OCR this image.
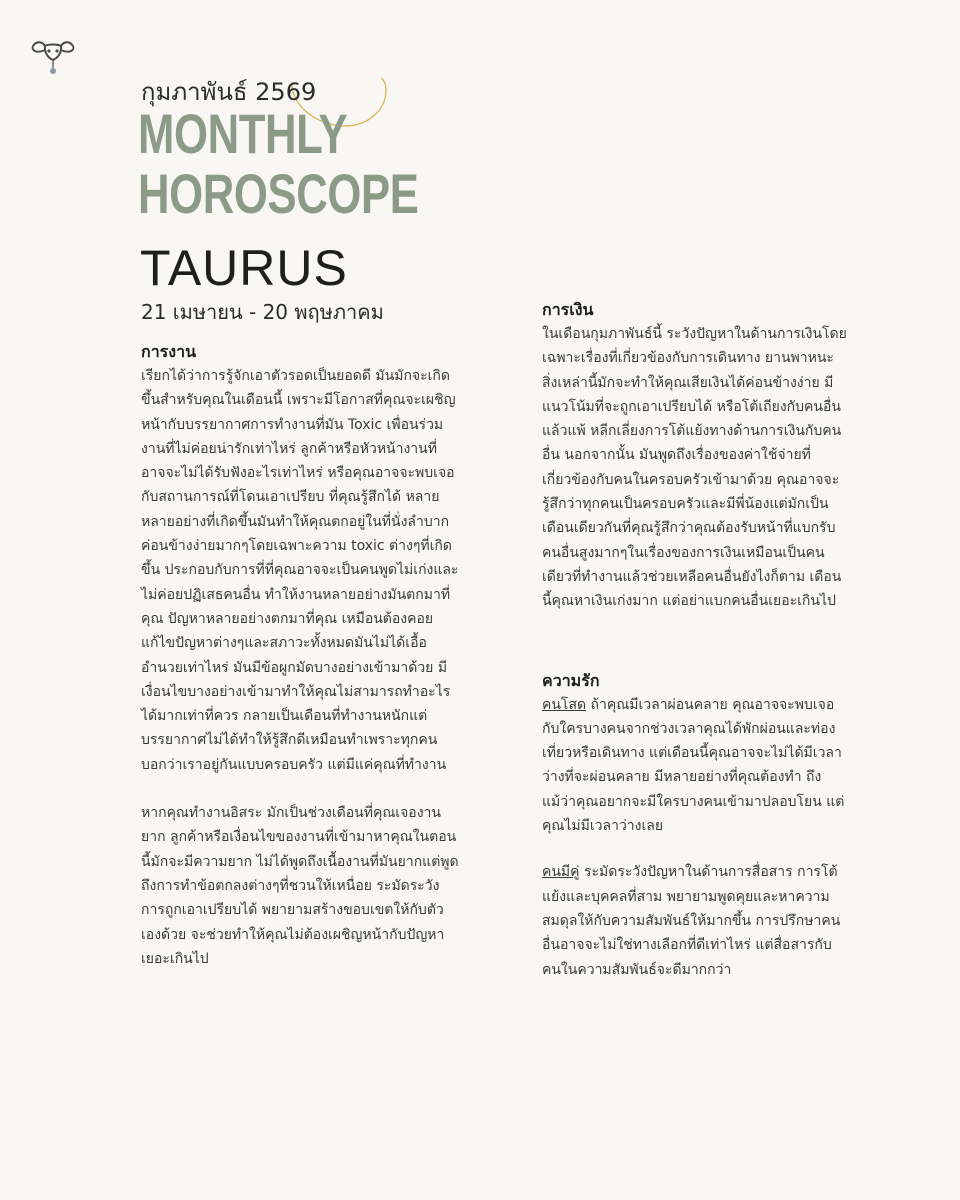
กุมภาพันธ์ 2569
MONTHLY
HOROSCOPE
TAURUS
21 เมษายน - 20 พฤษภาคม

การงาน

เรียกได้ว่าการรู้จักเอาตัวรอดเป็นยอดดี มันมักจะเกิดขึ้นสำหรับคุณในเดือนนี้ เพราะมีโอกาสที่คุณจะเผชิญหน้ากับบรรยากาศการทำงานที่มัน Toxic เพื่อนร่วมงานที่ไม่ค่อยน่ารักเท่าไหร่ ลูกค้าหรือหัวหน้างานที่อาจจะไม่ได้รับฟังอะไรเท่าไหร่ หรือคุณอาจจะพบเจอกับสถานการณ์ที่โดนเอาเปรียบ ที่คุณรู้สึกได้ หลายหลายอย่างที่เกิดขึ้นมันทำให้คุณตกอยู่ในที่นั่งลำบากค่อนข้างง่ายมากๆโดยเฉพาะความ toxic ต่างๆที่เกิดขึ้น ประกอบกับการที่ที่คุณอาจจะเป็นคนพูดไม่เก่งและไม่ค่อยปฏิเสธคนอื่น ทำให้งานหลายอย่างมันตกมาที่คุณ ปัญหาหลายอย่างตกมาที่คุณ เหมือนต้องคอยแก้ไขปัญหาต่างๆและสภาวะทั้งหมดมันไม่ได้เอื้ออำนวยเท่าไหร่ มันมีข้อผูกมัดบางอย่างเข้ามาด้วย มีเงื่อนไขบางอย่างเข้ามาทำให้คุณไม่สามารถทำอะไรได้มากเท่าที่ควร กลายเป็นเดือนที่ทำงานหนักแต่บรรยากาศไม่ได้ทำให้รู้สึกดีเหมือนทำเพราะทุกคนบอกว่าเราอยู่กันแบบครอบครัว แต่มีแค่คุณที่ทำงาน

หากคุณทำงานอิสระ มักเป็นช่วงเดือนที่คุณเจองานยาก ลูกค้าหรือเงื่อนไขของงานที่เข้ามาหาคุณในตอนนี้มักจะมีความยาก ไม่ได้พูดถึงเนื้องานที่มันยากแต่พูดถึงการทำข้อตกลงต่างๆที่ชวนให้เหนื่อย ระมัดระวังการถูกเอาเปรียบได้ พยายามสร้างขอบเขตให้กับตัวเองด้วย จะช่วยทำให้คุณไม่ต้องเผชิญหน้ากับปัญหาเยอะเกินไป

การเงิน

ในเดือนกุมภาพันธ์นี้ ระวังปัญหาในด้านการเงินโดยเฉพาะเรื่องที่เกี่ยวข้องกับการเดินทาง ยานพาหนะ สิ่งเหล่านี้มักจะทำให้คุณเสียเงินได้ค่อนข้างง่าย มีแนวโน้มที่จะถูกเอาเปรียบได้ หรือโต้เถียงกับคนอื่นแล้วแพ้ หลีกเลี่ยงการโต้แย้งทางด้านการเงินกับคนอื่น นอกจากนั้น มันพูดถึงเรื่องของค่าใช้จ่ายที่เกี่ยวข้องกับคนในครอบครัวเข้ามาด้วย คุณอาจจะรู้สึกว่าทุกคนเป็นครอบครัวและมีพี่น้องแต่มักเป็นเดือนเดียวกันที่คุณรู้สึกว่าคุณต้องรับหน้าที่แบกรับคนอื่นสูงมากๆในเรื่องของการเงินเหมือนเป็นคนเดียวที่ทำงานแล้วช่วยเหลือคนอื่นยังไงก็ตาม เดือนนี้คุณหาเงินเก่งมาก แต่อย่าแบกคนอื่นเยอะเกินไป

ความรัก

คนโสด ถ้าคุณมีเวลาผ่อนคลาย คุณอาจจะพบเจอกับใครบางคนจากช่วงเวลาคุณได้พักผ่อนและท่องเที่ยวหรือเดินทาง แต่เดือนนี้คุณอาจจะไม่ได้มีเวลาว่างที่จะผ่อนคลาย มีหลายอย่างที่คุณต้องทำ ถึงแม้ว่าคุณอยากจะมีใครบางคนเข้ามาปลอบโยน แต่คุณไม่มีเวลาว่างเลย

คนมีคู่ ระมัดระวังปัญหาในด้านการสื่อสาร การโต้แย้งและบุคคลที่สาม พยายามพูดคุยและหาความสมดุลให้กับความสัมพันธ์ให้มากขึ้น การปรึกษาคนอื่นอาจจะไม่ใช่ทางเลือกที่ดีเท่าไหร่ แต่สื่อสารกับคนในความสัมพันธ์จะดีมากกว่า
